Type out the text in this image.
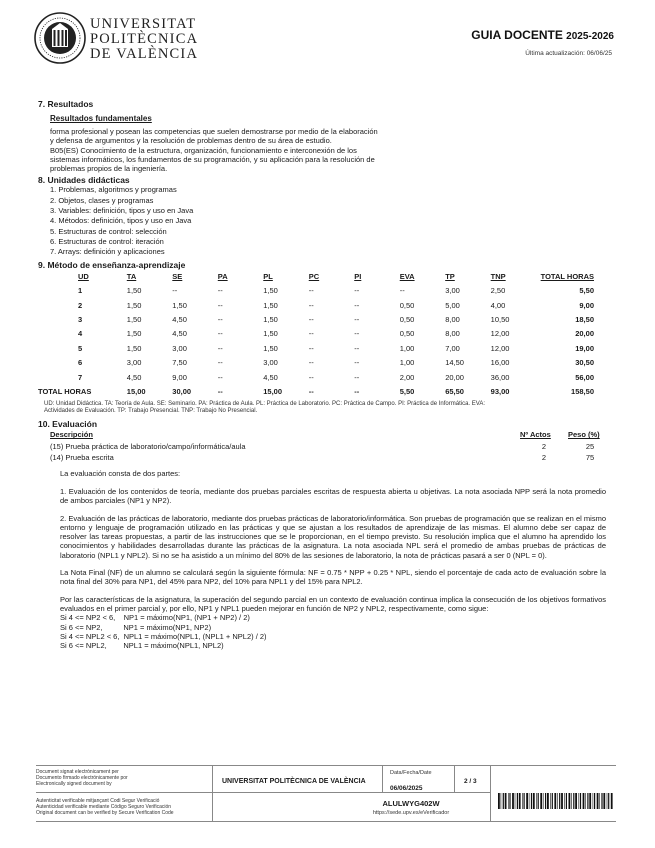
UNIVERSITAT
POLITÈCNICA
DE VALÈNCIA
GUIA DOCENTE 2025-2026
Última actualización: 06/06/25
7. Resultados
Resultados fundamentales
forma profesional y posean las competencias que suelen demostrarse por medio de la elaboración
y defensa de argumentos y la resolución de problemas dentro de su área de estudio.
B05(ES) Conocimiento de la estructura, organización, funcionamiento e interconexión de los
sistemas informáticos, los fundamentos de su programación, y su aplicación para la resolución de
problemas propios de la ingeniería.
8. Unidades didácticas
1. Problemas, algoritmos y programas
2. Objetos, clases y programas
3. Variables: definición, tipos y uso en Java
4. Métodos: definición, tipos y uso en Java
5. Estructuras de control: selección
6. Estructuras de control: iteración
7. Arrays: definición y aplicaciones
9. Método de enseñanza-aprendizaje
UD	TA	SE	PA	PL	PC	PI	EVA	TP	TNP	TOTAL HORAS
1	1,50	--	--	1,50	--	--	--	3,00	2,50	5,50
2	1,50	1,50	--	1,50	--	--	0,50	5,00	4,00	9,00
3	1,50	4,50	--	1,50	--	--	0,50	8,00	10,50	18,50
4	1,50	4,50	--	1,50	--	--	0,50	8,00	12,00	20,00
5	1,50	3,00	--	1,50	--	--	1,00	7,00	12,00	19,00
6	3,00	7,50	--	3,00	--	--	1,00	14,50	16,00	30,50
7	4,50	9,00	--	4,50	--	--	2,00	20,00	36,00	56,00
TOTAL HORAS	15,00	30,00	--	15,00	--	--	5,50	65,50	93,00	158,50
UD: Unidad Didáctica. TA: Teoría de Aula. SE: Seminario. PA: Práctica de Aula. PL: Práctica de Laboratorio. PC: Práctica de Campo. PI: Práctica de Informática. EVA:
Actividades de Evaluación. TP: Trabajo Presencial. TNP: Trabajo No Presencial.
10. Evaluación
Descripción	Nº Actos	Peso (%)
(15) Prueba práctica de laboratorio/campo/informática/aula	2	25
(14) Prueba escrita	2	75

La evaluación consta de dos partes:

1. Evaluación de los contenidos de teoría, mediante dos pruebas parciales escritas de respuesta abierta u objetivas. La nota asociada NPP será la nota promedio de ambos parciales (NP1 y NP2).

2. Evaluación de las prácticas de laboratorio, mediante dos pruebas prácticas de laboratorio/informática. Son pruebas de programación que se realizan en el mismo entorno y lenguaje de programación utilizado en las prácticas y que se ajustan a los resultados de aprendizaje de las mismas. El alumno debe ser capaz de resolver las tareas propuestas, a partir de las instrucciones que se le proporcionan, en el tiempo previsto. Su resolución implica que el alumno ha aprendido los conocimientos y habilidades desarrolladas durante las prácticas de la asignatura. La nota asociada NPL será el promedio de ambas pruebas de prácticas de laboratorio (NPL1 y NPL2). Si no se ha asistido a un mínimo del 80% de las sesiones de laboratorio, la nota de prácticas pasará a ser 0 (NPL = 0).

La Nota Final (NF) de un alumno se calculará según la siguiente fórmula: NF = 0.75 * NPP + 0.25 * NPL, siendo el porcentaje de cada acto de evaluación sobre la nota final del 30% para NP1, del 45% para NP2, del 10% para NPL1 y del 15% para NPL2.

Por las características de la asignatura, la superación del segundo parcial en un contexto de evaluación continua implica la consecución de los objetivos formativos evaluados en el primer parcial y, por ello, NP1 y NPL1 pueden mejorar en función de NP2 y NPL2, respectivamente, como sigue:

Si 4 <= NP2 < 6,    NP1 = máximo(NP1, (NP1 + NP2) / 2)
Si 6 <= NP2,          NP1 = máximo(NP1, NP2)
Si 4 <= NPL2 < 6,  NPL1 = máximo(NPL1, (NPL1 + NPL2) / 2)
Si 6 <= NPL2,        NPL1 = máximo(NPL1, NPL2)
Document signat electrònicament per
Documento firmado electrónicamente por
Electronically signed document by	UNIVERSITAT POLITÈCNICA DE VALÈNCIA
Data/Fecha/Date
06/06/2025
2 / 3
Autenticitat verificable mitjançant Codi Segur Verificació
Autenticidad verificable mediante Código Seguro Verificación
Original document can be verified by Secure Verification Code
ALULWYG402W
https://sede.upv.es/eVerificador
